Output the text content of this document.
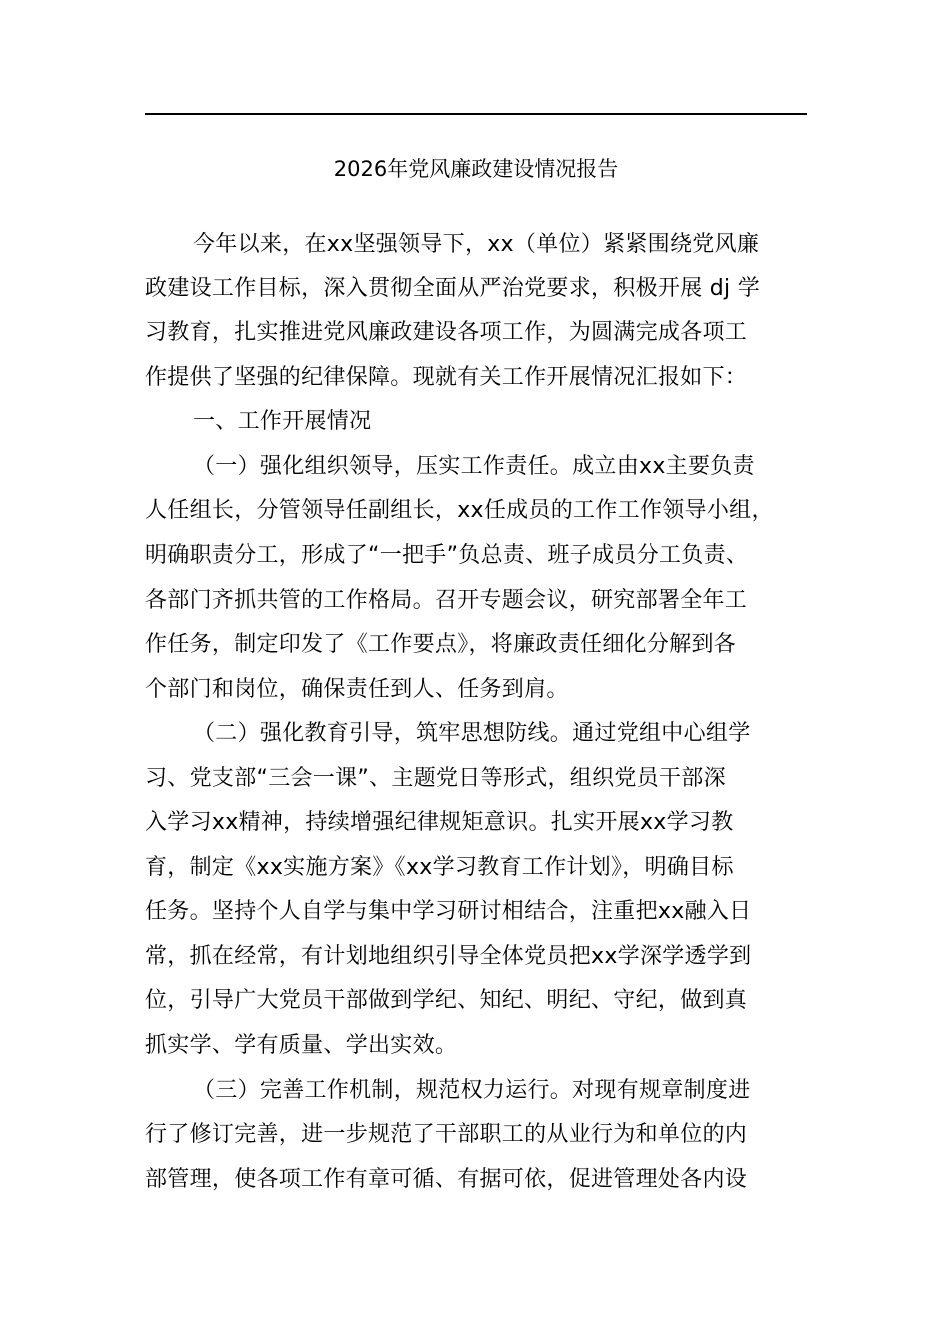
2026年党风廉政建设情况报告
今年以来，在xx坚强领导下，xx（单位）紧紧围绕党风廉
政建设工作目标，深入贯彻全面从严治党要求，积极开展 dj 学
习教育，扎实推进党风廉政建设各项工作，为圆满完成各项工
作提供了坚强的纪律保障。现就有关工作开展情况汇报如下：
一、工作开展情况
（一）强化组织领导，压实工作责任。成立由xx主要负责
人任组长，分管领导任副组长，xx任成员的工作工作领导小组，
明确职责分工，形成了“一把手”负总责、班子成员分工负责、
各部门齐抓共管的工作格局。召开专题会议，研究部署全年工
作任务，制定印发了《工作要点》，将廉政责任细化分解到各
个部门和岗位，确保责任到人、任务到肩。
（二）强化教育引导，筑牢思想防线。通过党组中心组学
习、党支部“三会一课”、主题党日等形式，组织党员干部深
入学习xx精神，持续增强纪律规矩意识。扎实开展xx学习教
育，制定《xx实施方案》《xx学习教育工作计划》，明确目标
任务。坚持个人自学与集中学习研讨相结合，注重把xx融入日
常，抓在经常，有计划地组织引导全体党员把xx学深学透学到
位，引导广大党员干部做到学纪、知纪、明纪、守纪，做到真
抓实学、学有质量、学出实效。
（三）完善工作机制，规范权力运行。对现有规章制度进
行了修订完善，进一步规范了干部职工的从业行为和单位的内
部管理，使各项工作有章可循、有据可依，促进管理处各内设
